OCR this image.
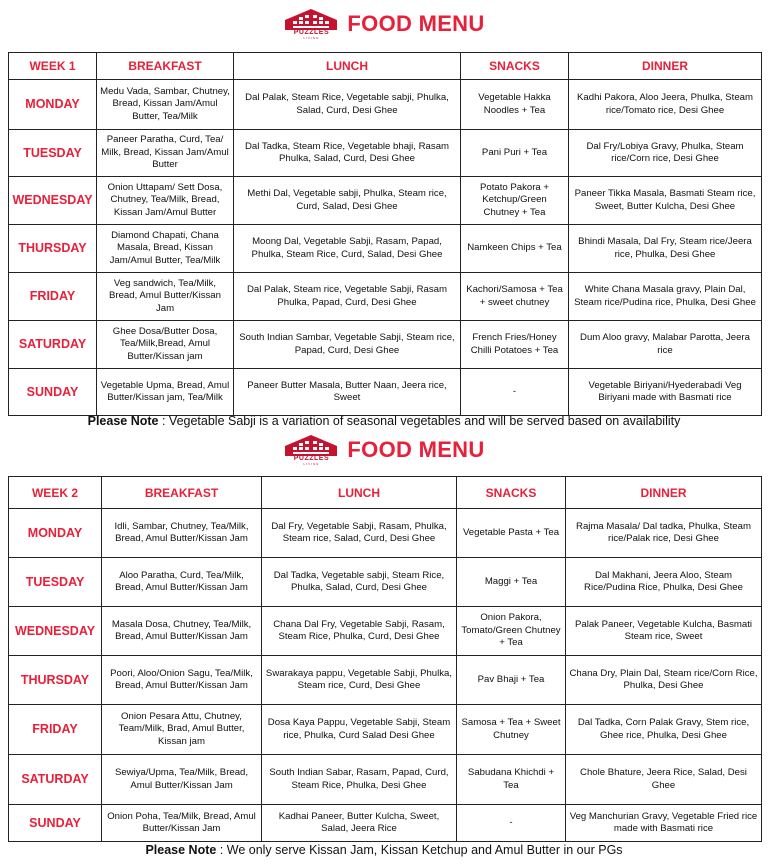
PUZZLES
LIVING
FOOD MENU
WEEK 1	BREAKFAST	LUNCH	SNACKS	DINNER
MONDAY	Medu Vada, Sambar, Chutney, Bread, Kissan Jam/Amul Butter, Tea/Milk	Dal Palak, Steam Rice, Vegetable sabji, Phulka, Salad, Curd, Desi Ghee	Vegetable Hakka Noodles + Tea	Kadhi Pakora, Aloo Jeera, Phulka, Steam rice/Tomato rice, Desi Ghee
TUESDAY	Paneer Paratha, Curd, Tea/ Milk, Bread, Kissan Jam/Amul Butter	Dal Tadka, Steam Rice, Vegetable bhaji, Rasam Phulka, Salad, Curd, Desi Ghee	Pani Puri + Tea	Dal Fry/Lobiya Gravy, Phulka, Steam rice/Corn rice, Desi Ghee
WEDNESDAY	Onion Uttapam/ Sett Dosa, Chutney, Tea/Milk, Bread, Kissan Jam/Amul Butter	Methi Dal, Vegetable sabji, Phulka, Steam rice, Curd, Salad, Desi Ghee	Potato Pakora + Ketchup/Green Chutney + Tea	Paneer Tikka Masala, Basmati Steam rice, Sweet, Butter Kulcha, Desi Ghee
THURSDAY	Diamond Chapati, Chana Masala, Bread, Kissan Jam/Amul Butter, Tea/Milk	Moong Dal, Vegetable Sabji, Rasam, Papad, Phulka, Steam Rice, Curd, Salad, Desi Ghee	Namkeen Chips + Tea	Bhindi Masala, Dal Fry, Steam rice/Jeera rice, Phulka, Desi Ghee
FRIDAY	Veg sandwich, Tea/Milk, Bread, Amul Butter/Kissan Jam	Dal Palak, Steam rice, Vegetable Sabji, Rasam Phulka, Papad, Curd, Desi Ghee	Kachori/Samosa + Tea + sweet chutney	White Chana Masala gravy, Plain Dal, Steam rice/Pudina rice, Phulka, Desi Ghee
SATURDAY	Ghee Dosa/Butter Dosa, Tea/Milk,Bread, Amul Butter/Kissan jam	South Indian Sambar, Vegetable Sabji, Steam rice, Papad, Curd, Desi Ghee	French Fries/Honey Chilli Potatoes + Tea	Dum Aloo gravy, Malabar Parotta, Jeera rice
SUNDAY	Vegetable Upma, Bread, Amul Butter/Kissan jam, Tea/Milk	Paneer Butter Masala, Butter Naan, Jeera rice, Sweet	-	Vegetable Biriyani/Hyederabadi Veg Biriyani made with Basmati rice
Please Note : Vegetable Sabji is a variation of seasonal vegetables and will be served based on availability
PUZZLES
LIVING
FOOD MENU
WEEK 2	BREAKFAST	LUNCH	SNACKS	DINNER
MONDAY	Idli, Sambar, Chutney, Tea/Milk, Bread, Amul Butter/Kissan Jam	Dal Fry, Vegetable Sabji, Rasam, Phulka, Steam rice, Salad, Curd, Desi Ghee	Vegetable Pasta + Tea	Rajma Masala/ Dal tadka, Phulka, Steam rice/Palak rice, Desi Ghee
TUESDAY	Aloo Paratha, Curd, Tea/Milk, Bread, Amul Butter/Kissan Jam	Dal Tadka, Vegetable sabji, Steam Rice, Phulka, Salad, Curd, Desi Ghee	Maggi + Tea	Dal Makhani, Jeera Aloo, Steam Rice/Pudina Rice, Phulka, Desi Ghee
WEDNESDAY	Masala Dosa, Chutney, Tea/Milk, Bread, Amul Butter/Kissan Jam	Chana Dal Fry, Vegetable Sabji, Rasam, Steam Rice, Phulka, Curd, Desi Ghee	Onion Pakora, Tomato/Green Chutney + Tea	Palak Paneer, Vegetable Kulcha, Basmati Steam rice, Sweet
THURSDAY	Poori, Aloo/Onion Sagu, Tea/Milk, Bread, Amul Butter/Kissan Jam	Swarakaya pappu, Vegetable Sabji, Phulka, Steam rice, Curd, Desi Ghee	Pav Bhaji + Tea	Chana Dry, Plain Dal, Steam rice/Corn Rice, Phulka, Desi Ghee
FRIDAY	Onion Pesara Attu, Chutney, Team/Milk, Brad, Amul Butter, Kissan jam	Dosa Kaya Pappu, Vegetable Sabji, Steam rice, Phulka, Curd Salad Desi Ghee	Samosa + Tea + Sweet Chutney	Dal Tadka, Corn Palak Gravy, Stem rice, Ghee rice, Phulka, Desi Ghee
SATURDAY	Sewiya/Upma, Tea/Milk, Bread, Amul Butter/Kissan Jam	South Indian Sabar, Rasam, Papad, Curd, Steam Rice, Phulka, Desi Ghee	Sabudana Khichdi + Tea	Chole Bhature, Jeera Rice, Salad, Desi Ghee
SUNDAY	Onion Poha, Tea/Milk, Bread, Amul Butter/Kissan Jam	Kadhai Paneer, Butter Kulcha, Sweet, Salad, Jeera Rice	-	Veg Manchurian Gravy, Vegetable Fried rice made with Basmati rice
Please Note : We only serve Kissan Jam, Kissan Ketchup and Amul Butter in our PGs
